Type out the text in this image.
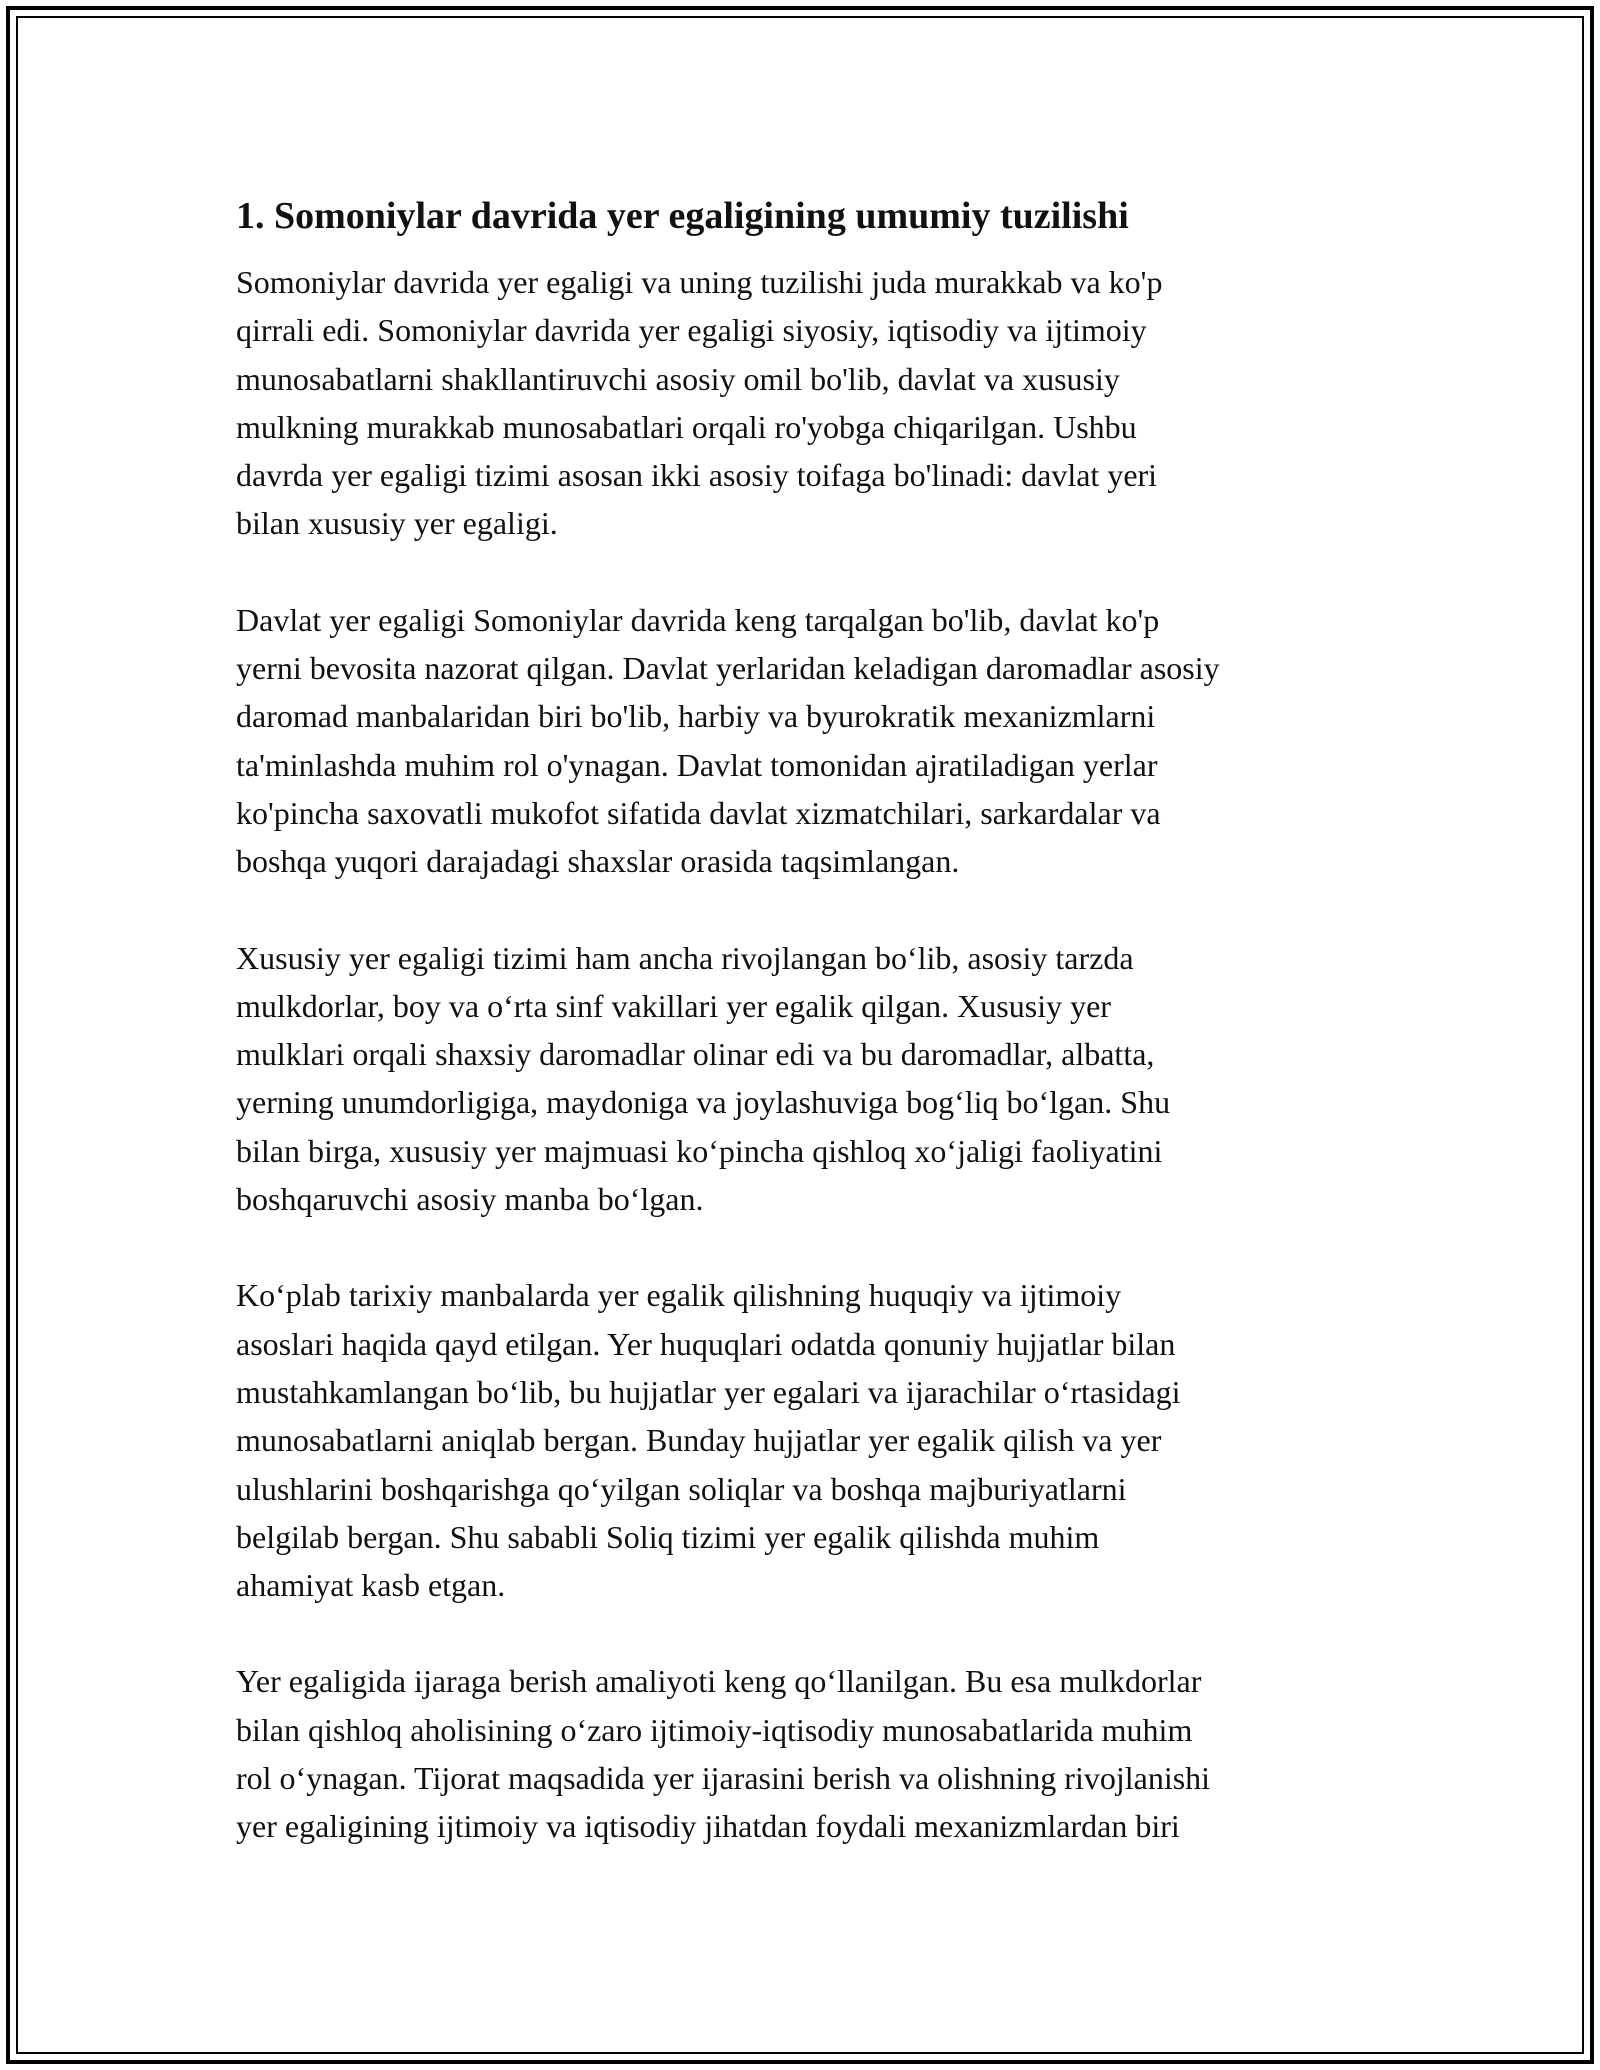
1. Somoniylar davrida yer egaligining umumiy tuzilishi

Somoniylar davrida yer egaligi va uning tuzilishi juda murakkab va ko'p
qirrali edi. Somoniylar davrida yer egaligi siyosiy, iqtisodiy va ijtimoiy
munosabatlarni shakllantiruvchi asosiy omil bo'lib, davlat va xususiy
mulkning murakkab munosabatlari orqali ro'yobga chiqarilgan. Ushbu
davrda yer egaligi tizimi asosan ikki asosiy toifaga bo'linadi: davlat yeri
bilan xususiy yer egaligi.

Davlat yer egaligi Somoniylar davrida keng tarqalgan bo'lib, davlat ko'p
yerni bevosita nazorat qilgan. Davlat yerlaridan keladigan daromadlar asosiy
daromad manbalaridan biri bo'lib, harbiy va byurokratik mexanizmlarni
ta'minlashda muhim rol o'ynagan. Davlat tomonidan ajratiladigan yerlar
ko'pincha saxovatli mukofot sifatida davlat xizmatchilari, sarkardalar va
boshqa yuqori darajadagi shaxslar orasida taqsimlangan.

Xususiy yer egaligi tizimi ham ancha rivojlangan bo‘lib, asosiy tarzda
mulkdorlar, boy va o‘rta sinf vakillari yer egalik qilgan. Xususiy yer
mulklari orqali shaxsiy daromadlar olinar edi va bu daromadlar, albatta,
yerning unumdorligiga, maydoniga va joylashuviga bog‘liq bo‘lgan. Shu
bilan birga, xususiy yer majmuasi ko‘pincha qishloq xo‘jaligi faoliyatini
boshqaruvchi asosiy manba bo‘lgan.

Ko‘plab tarixiy manbalarda yer egalik qilishning huquqiy va ijtimoiy
asoslari haqida qayd etilgan. Yer huquqlari odatda qonuniy hujjatlar bilan
mustahkamlangan bo‘lib, bu hujjatlar yer egalari va ijarachilar o‘rtasidagi
munosabatlarni aniqlab bergan. Bunday hujjatlar yer egalik qilish va yer
ulushlarini boshqarishga qo‘yilgan soliqlar va boshqa majburiyatlarni
belgilab bergan. Shu sababli Soliq tizimi yer egalik qilishda muhim
ahamiyat kasb etgan.

Yer egaligida ijaraga berish amaliyoti keng qo‘llanilgan. Bu esa mulkdorlar
bilan qishloq aholisining o‘zaro ijtimoiy-iqtisodiy munosabatlarida muhim
rol o‘ynagan. Tijorat maqsadida yer ijarasini berish va olishning rivojlanishi
yer egaligining ijtimoiy va iqtisodiy jihatdan foydali mexanizmlardan biri
